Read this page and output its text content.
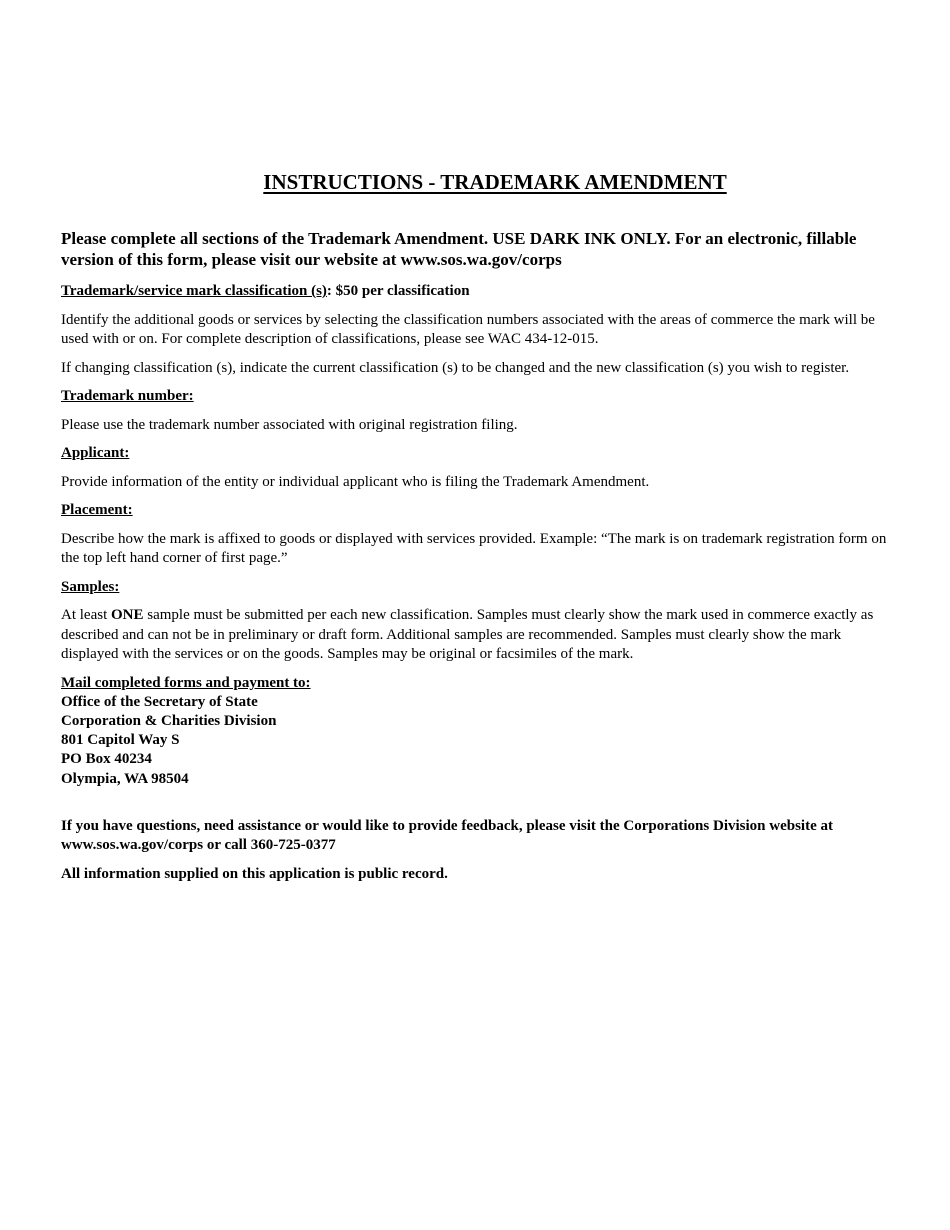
INSTRUCTIONS - TRADEMARK AMENDMENT
Please complete all sections of the Trademark Amendment. USE DARK INK ONLY. For an electronic, fillable version of this form, please visit our website at www.sos.wa.gov/corps
Trademark/service mark classification (s): $50 per classification
Identify the additional goods or services by selecting the classification numbers associated with the areas of commerce the mark will be used with or on. For complete description of classifications, please see WAC 434-12-015.
If changing classification (s), indicate the current classification (s) to be changed and the new classification (s) you wish to register.
Trademark number:
Please use the trademark number associated with original registration filing.
Applicant:
Provide information of the entity or individual applicant who is filing the Trademark Amendment.
Placement:
Describe how the mark is affixed to goods or displayed with services provided. Example: “The mark is on trademark registration form on the top left hand corner of first page.”
Samples:
At least ONE sample must be submitted per each new classification. Samples must clearly show the mark used in commerce exactly as described and can not be in preliminary or draft form. Additional samples are recommended. Samples must clearly show the mark displayed with the services or on the goods. Samples may be original or facsimiles of the mark.
Mail completed forms and payment to:
Office of the Secretary of State
Corporation & Charities Division
801 Capitol Way S
PO Box 40234
Olympia, WA 98504
If you have questions, need assistance or would like to provide feedback, please visit the Corporations Division website at www.sos.wa.gov/corps or call 360-725-0377
All information supplied on this application is public record.
